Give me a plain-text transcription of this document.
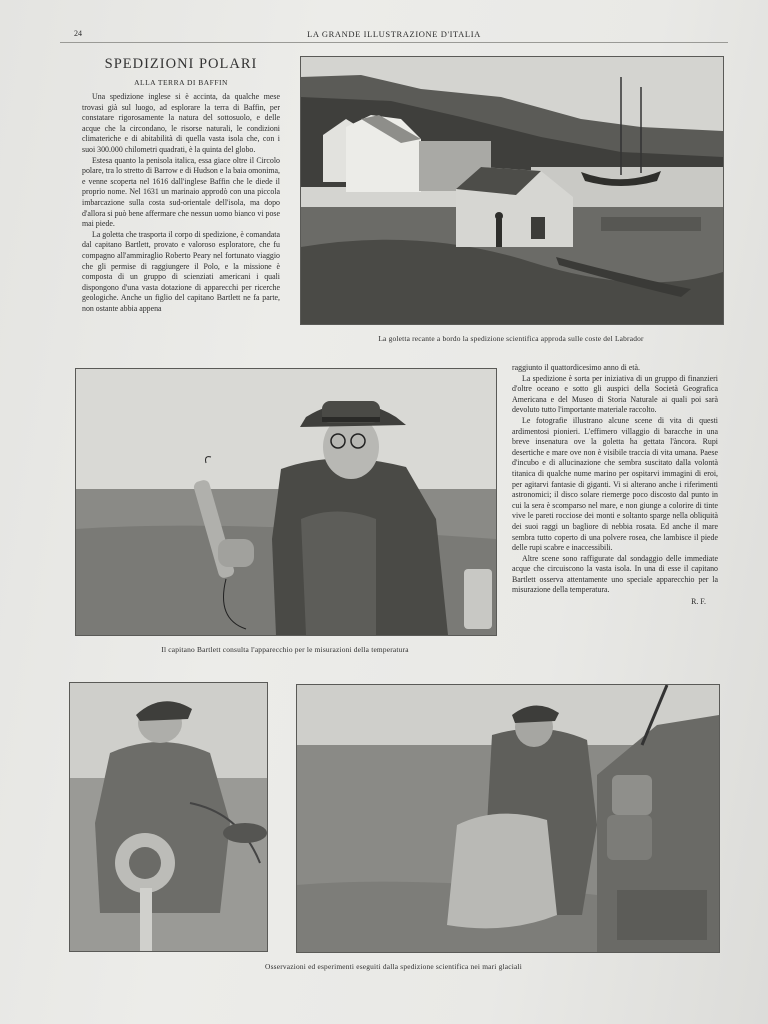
24	LA GRANDE ILLUSTRAZIONE D'ITALIA
SPEDIZIONI POLARI
ALLA TERRA DI BAFFIN

Una spedizione inglese si è accinta, da qualche mese trovasi già sul luogo, ad esplorare la terra di Baffin, per constatare rigorosamente la natura del sottosuolo, e delle acque che la circondano, le risorse naturali, le condizioni climateriche e di abitabilità di quella vasta isola che, con i suoi 300.000 chilometri quadrati, è la quinta del globo.

Estesa quanto la penisola italica, essa giace oltre il Circolo polare, tra lo stretto di Barrow e di Hudson e la baia omonima, e venne scoperta nel 1616 dall'inglese Baffin che le diede il proprio nome. Nel 1631 un marinaio approdò con una piccola imbarcazione sulla costa sud-orientale dell'isola, ma dopo d'allora si può bene affermare che nessun uomo bianco vi pose mai piede.

La goletta che trasporta il corpo di spedizione, è comandata dal capitano Bartlett, provato e valoroso esploratore, che fu compagno all'ammiraglio Roberto Peary nel fortunato viaggio che gli permise di raggiungere il Polo, e la missione è composta di un gruppo di scienziati americani i quali dispongono d'una vasta dotazione di apparecchi per ricerche geologiche. Anche un figlio del capitano Bartlett ne fa parte, non ostante abbia appena

La goletta recante a bordo la spedizione scientifica approda sulle coste del Labrador
Il capitano Bartlett consulta l'apparecchio per le misurazioni della temperatura

raggiunto il quattordicesimo anno di età.

La spedizione è sorta per iniziativa di un gruppo di finanzieri d'oltre oceano e sotto gli auspici della Società Geografica Americana e del Museo di Storia Naturale ai quali poi sarà devoluto tutto l'importante materiale raccolto.

Le fotografie illustrano alcune scene di vita di questi ardimentosi pionieri. L'effimero villaggio di baracche in una breve insenatura ove la goletta ha gettata l'àncora. Rupi desertiche e mare ove non è visibile traccia di vita umana. Paese d'incubo e di allucinazione che sembra suscitato dalla volontà titanica di qualche nume marino per ospitarvi immagini di eroi, per agitarvi fantasie di giganti. Vi si alterano anche i riferimenti astronomici; il disco solare riemerge poco discosto dal punto in cui la sera è scomparso nel mare, e non giunge a colorire di tinte vive le pareti rocciose dei monti e soltanto sparge nella obliquità dei suoi raggi un bagliore di nebbia rosata. Ed anche il mare sembra tutto coperto di una polvere rosea, che lambisce il piede delle rupi scabre e inaccessibili.

Altre scene sono raffigurate dal sondaggio delle immediate acque che circuiscono la vasta isola. In una di esse il capitano Bartlett osserva attentamente uno speciale apparecchio per la misurazione della temperatura.

R. F.
Osservazioni ed esperimenti eseguiti dalla spedizione scientifica nei mari glaciali
